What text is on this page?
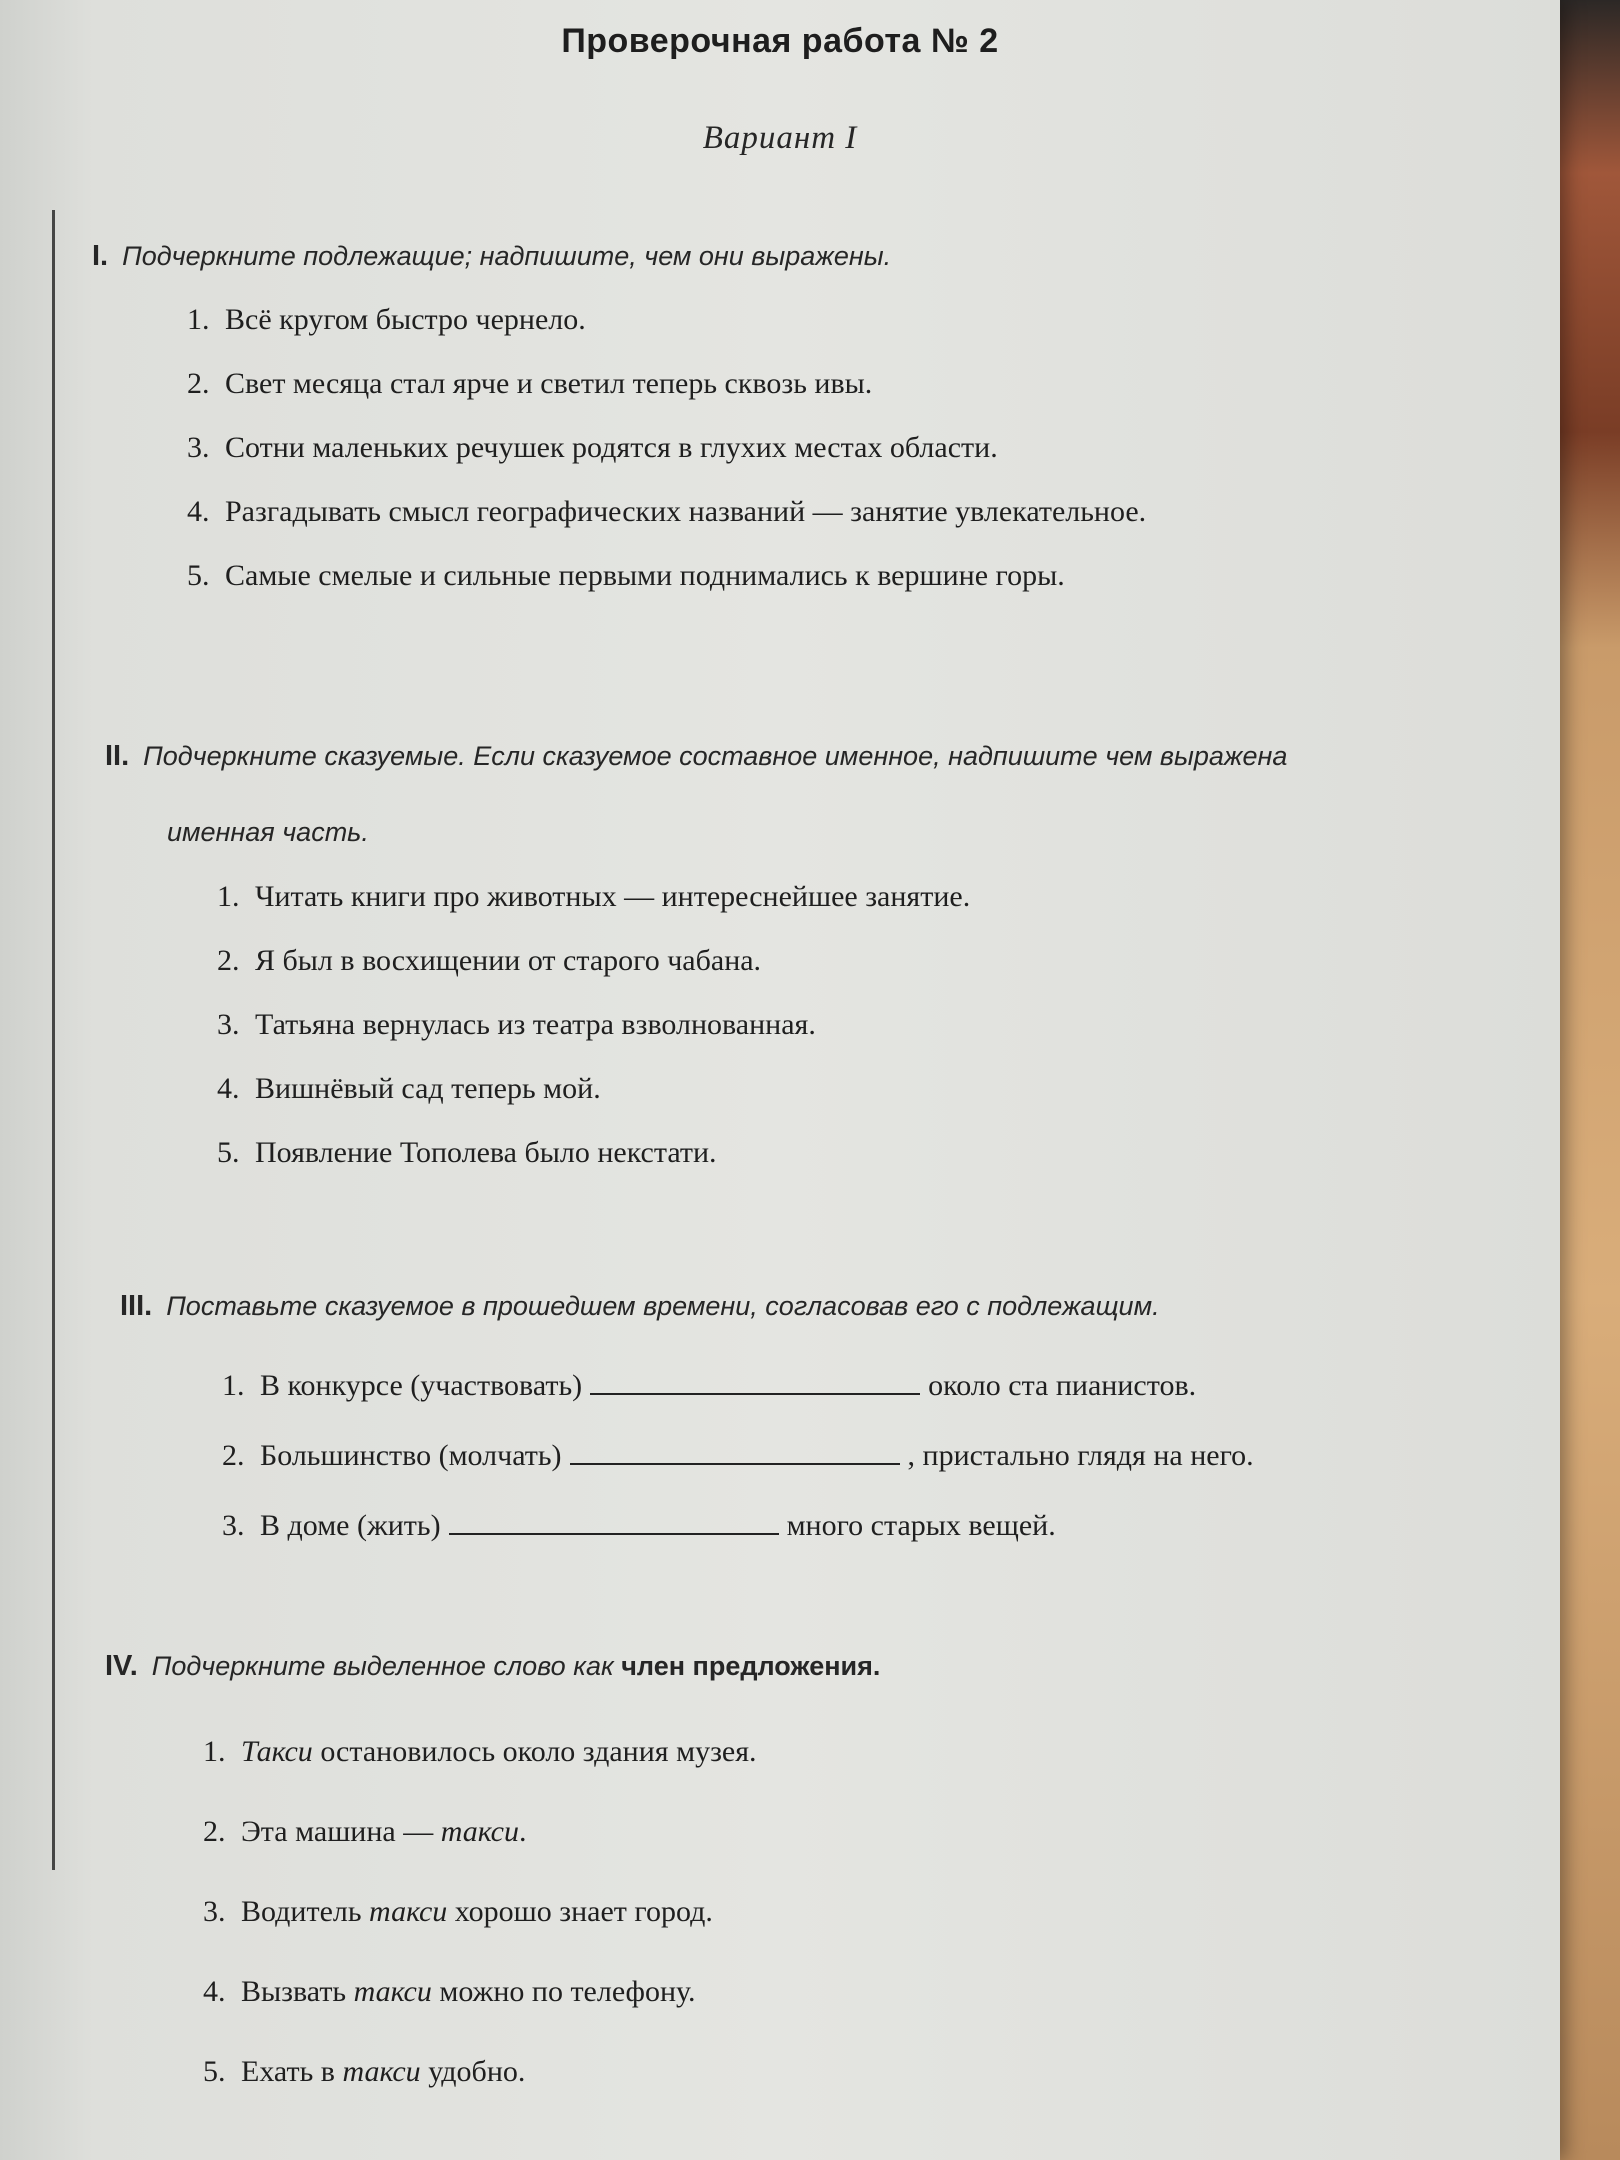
Проверочная работа № 2
Вариант I
I. Подчеркните подлежащие; надпишите, чем они выражены.
1. Всё кругом быстро чернело.
2. Свет месяца стал ярче и светил теперь сквозь ивы.
3. Сотни маленьких речушек родятся в глухих местах области.
4. Разгадывать смысл географических названий — занятие увлекательное.
5. Самые смелые и сильные первыми поднимались к вершине горы.
II. Подчеркните сказуемые. Если сказуемое составное именное, надпишите чем выражена
именная часть.
1. Читать книги про животных — интереснейшее занятие.
2. Я был в восхищении от старого чабана.
3. Татьяна вернулась из театра взволнованная.
4. Вишнёвый сад теперь мой.
5. Появление Тополева было некстати.
III. Поставьте сказуемое в прошедшем времени, согласовав его с подлежащим.
1. В конкурсе (участвовать)	около ста пианистов.
2. Большинство (молчать)	, пристально глядя на него.
3. В доме (жить)	много старых вещей.
IV. Подчеркните выделенное слово как член предложения.
1. Такси остановилось около здания музея.
2. Эта машина — такси .
3. Водитель такси хорошо знает город.
4. Вызвать такси можно по телефону.
5. Ехать в такси удобно.
